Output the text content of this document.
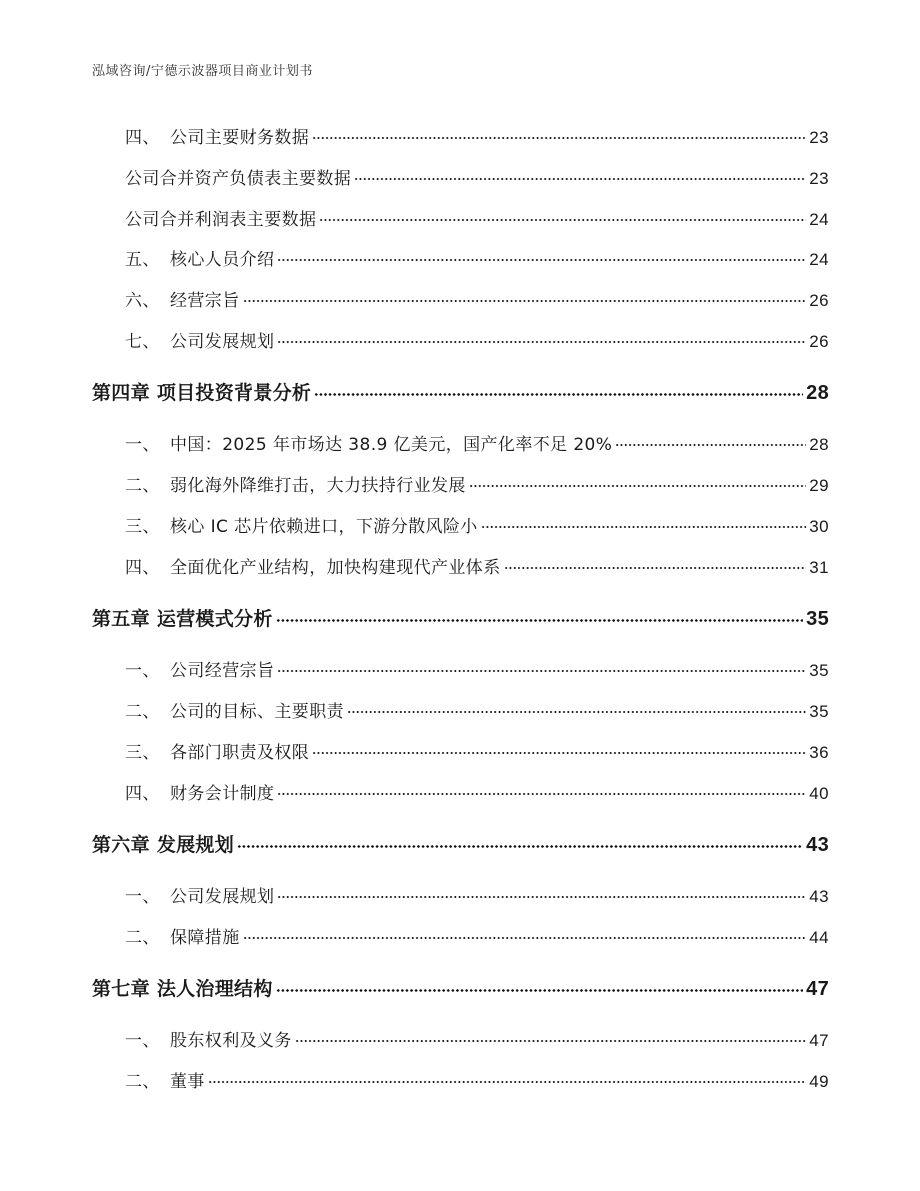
泓域咨询/宁德示波器项目商业计划书
四、 公司主要财务数据	23
公司合并资产负债表主要数据	23
公司合并利润表主要数据	24
五、 核心人员介绍	24
六、 经营宗旨	26
七、 公司发展规划	26
第四章 项目投资背景分析	28
一、 中国：2025 年市场达 38.9 亿美元，国产化率不足 20%	28
二、 弱化海外降维打击，大力扶持行业发展	29
三、 核心 IC 芯片依赖进口，下游分散风险小	30
四、 全面优化产业结构，加快构建现代产业体系	31
第五章 运营模式分析	35
一、 公司经营宗旨	35
二、 公司的目标、主要职责	35
三、 各部门职责及权限	36
四、 财务会计制度	40
第六章 发展规划	43
一、 公司发展规划	43
二、 保障措施	44
第七章 法人治理结构	47
一、 股东权利及义务	47
二、 董事	49
